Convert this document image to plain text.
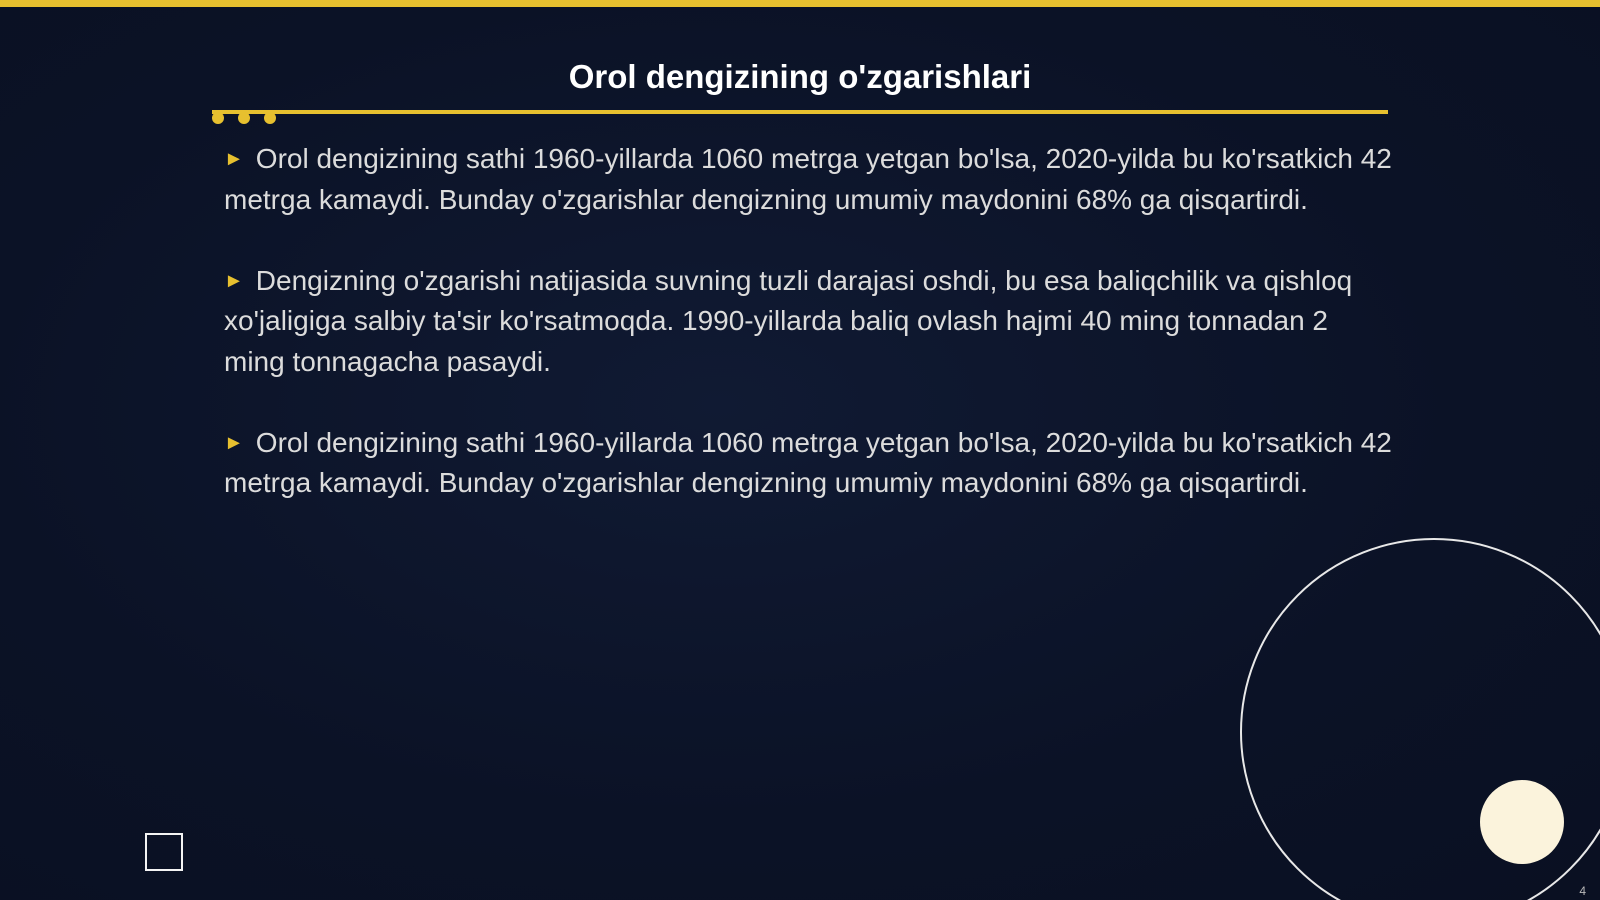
Orol dengizining o'zgarishlari

► Orol dengizining sathi 1960-yillarda 1060 metrga yetgan bo'lsa, 2020-yilda bu ko'rsatkich 42 metrga kamaydi. Bunday o'zgarishlar dengizning umumiy maydonini 68% ga qisqartirdi.

► Dengizning o'zgarishi natijasida suvning tuzli darajasi oshdi, bu esa baliqchilik va qishloq xo'jaligiga salbiy ta'sir ko'rsatmoqda. 1990-yillarda baliq ovlash hajmi 40 ming tonnadan 2 ming tonnagacha pasaydi.

► Orol dengizining sathi 1960-yillarda 1060 metrga yetgan bo'lsa, 2020-yilda bu ko'rsatkich 42 metrga kamaydi. Bunday o'zgarishlar dengizning umumiy maydonini 68% ga qisqartirdi.

4
